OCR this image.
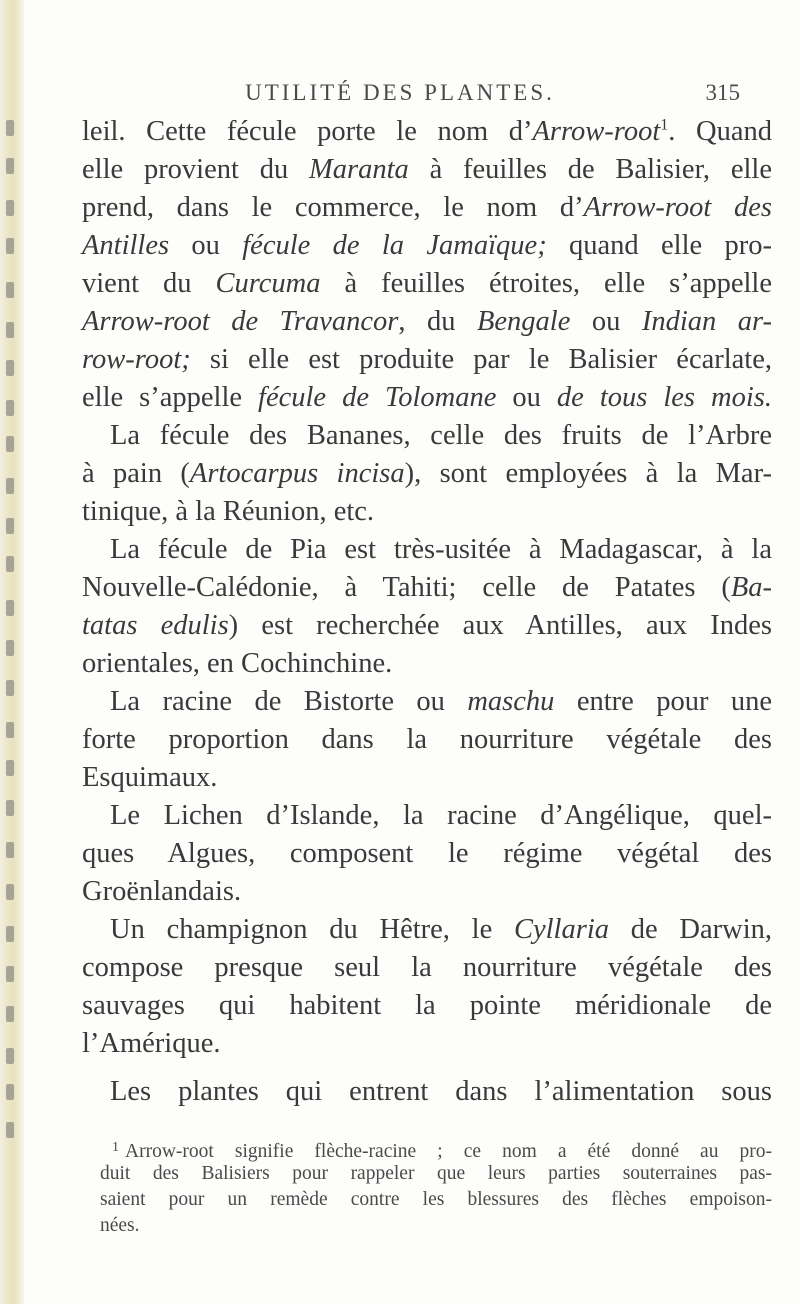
UTILITÉ DES PLANTES.	315
leil. Cette fécule porte le nom d’Arrow-root$^1$. Quand
elle provient du Maranta à feuilles de Balisier, elle
prend, dans le commerce, le nom d’Arrow-root des
Antilles ou fécule de la Jamaïque; quand elle pro-
vient du Curcuma à feuilles étroites, elle s’appelle
Arrow-root de Travancor, du Bengale ou Indian ar-
row-root; si elle est produite par le Balisier écarlate,
elle s’appelle fécule de Tolomane ou de tous les mois.
La fécule des Bananes, celle des fruits de l’Arbre
à pain (Artocarpus incisa), sont employées à la Mar-
tinique, à la Réunion, etc.
La fécule de Pia est très-usitée à Madagascar, à la
Nouvelle-Calédonie, à Tahiti; celle de Patates (Ba-
tatas edulis) est recherchée aux Antilles, aux Indes
orientales, en Cochinchine.
La racine de Bistorte ou maschu entre pour une
forte proportion dans la nourriture végétale des
Esquimaux.
Le Lichen d’Islande, la racine d’Angélique, quel-
ques Algues, composent le régime végétal des
Groënlandais.
Un champignon du Hêtre, le Cyllaria de Darwin,
compose presque seul la nourriture végétale des
sauvages qui habitent la pointe méridionale de
l’Amérique.
Les plantes qui entrent dans l’alimentation sous
$^1$ Arrow-root signifie flèche-racine ; ce nom a été donné au pro-
duit des Balisiers pour rappeler que leurs parties souterraines pas-
saient pour un remède contre les blessures des flèches empoison-
nées.
